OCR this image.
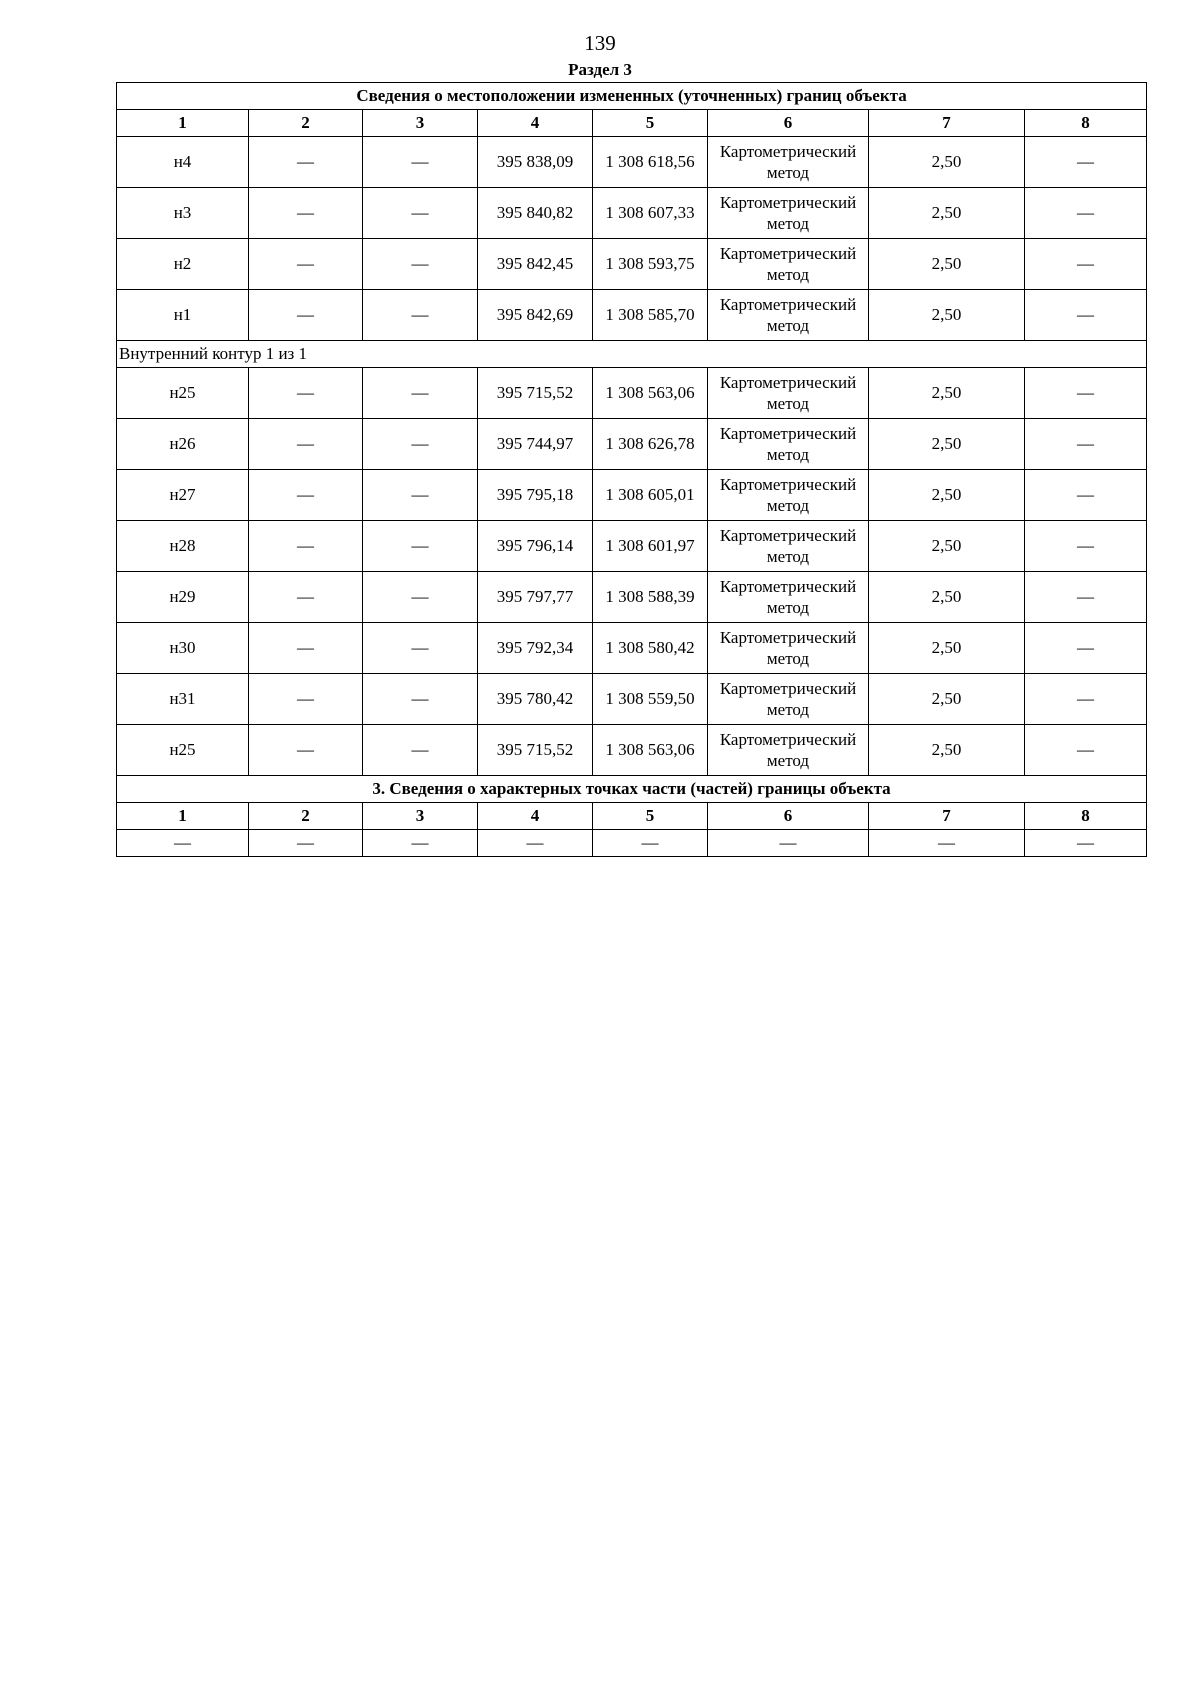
139
Раздел 3
Сведения о местоположении измененных (уточненных) границ объекта							
1	2	3	4	5	6	7	8
н4	—	—	395 838,09	1 308 618,56	Картометрический метод	2,50	—
н3	—	—	395 840,82	1 308 607,33	Картометрический метод	2,50	—
н2	—	—	395 842,45	1 308 593,75	Картометрический метод	2,50	—
н1	—	—	395 842,69	1 308 585,70	Картометрический метод	2,50	—
Внутренний контур 1 из 1							
н25	—	—	395 715,52	1 308 563,06	Картометрический метод	2,50	—
н26	—	—	395 744,97	1 308 626,78	Картометрический метод	2,50	—
н27	—	—	395 795,18	1 308 605,01	Картометрический метод	2,50	—
н28	—	—	395 796,14	1 308 601,97	Картометрический метод	2,50	—
н29	—	—	395 797,77	1 308 588,39	Картометрический метод	2,50	—
н30	—	—	395 792,34	1 308 580,42	Картометрический метод	2,50	—
н31	—	—	395 780,42	1 308 559,50	Картометрический метод	2,50	—
н25	—	—	395 715,52	1 308 563,06	Картометрический метод	2,50	—
3. Сведения о характерных точках части (частей) границы объекта							
1	2	3	4	5	6	7	8
—	—	—	—	—	—	—	—
